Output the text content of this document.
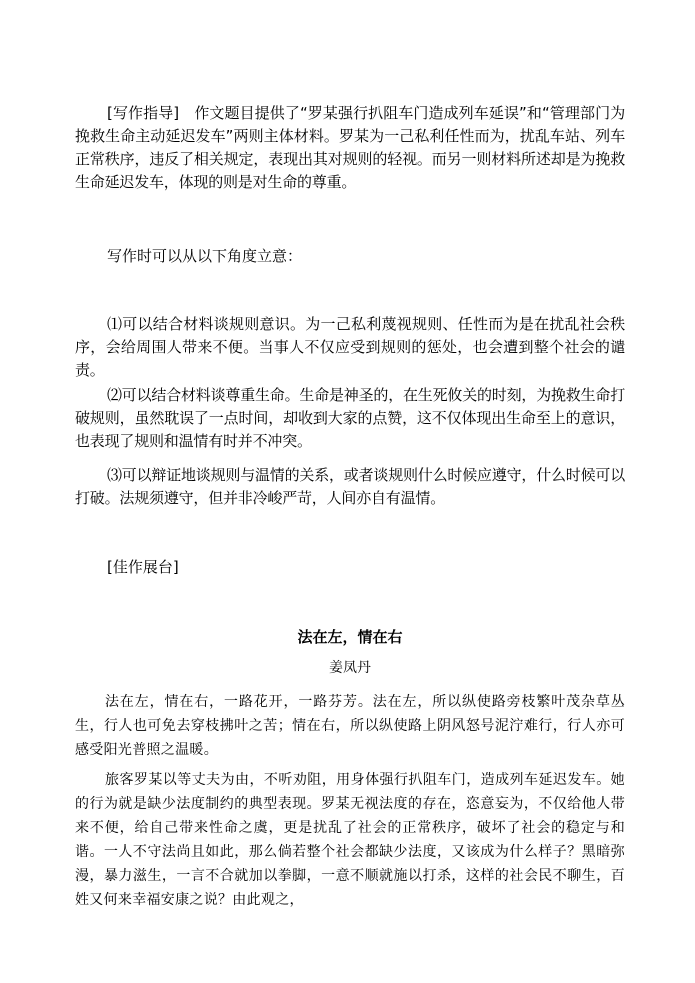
[写作指导]　作文题目提供了“罗某强行扒阻车门造成列车延误”和“管理部门为挽救生命主动延迟发车”两则主体材料。罗某为一己私利任性而为，扰乱车站、列车正常秩序，违反了相关规定，表现出其对规则的轻视。而另一则材料所述却是为挽救生命延迟发车，体现的则是对生命的尊重。

写作时可以从以下角度立意：

⑴可以结合材料谈规则意识。为一己私利蔑视规则、任性而为是在扰乱社会秩序，会给周围人带来不便。当事人不仅应受到规则的惩处，也会遭到整个社会的谴责。

⑵可以结合材料谈尊重生命。生命是神圣的，在生死攸关的时刻，为挽救生命打破规则，虽然耽误了一点时间，却收到大家的点赞，这不仅体现出生命至上的意识，也表现了规则和温情有时并不冲突。

⑶可以辩证地谈规则与温情的关系，或者谈规则什么时候应遵守，什么时候可以打破。法规须遵守，但并非冷峻严苛，人间亦自有温情。

[佳作展台]

法在左，情在右

姜凤丹

法在左，情在右，一路花开，一路芬芳。法在左，所以纵使路旁枝繁叶茂杂草丛生，行人也可免去穿枝拂叶之苦；情在右，所以纵使路上阴风怒号泥泞难行，行人亦可感受阳光普照之温暖。

旅客罗某以等丈夫为由，不听劝阻，用身体强行扒阻车门，造成列车延迟发车。她的行为就是缺少法度制约的典型表现。罗某无视法度的存在，恣意妄为，不仅给他人带来不便，给自己带来性命之虞，更是扰乱了社会的正常秩序，破坏了社会的稳定与和谐。一人不守法尚且如此，那么倘若整个社会都缺少法度，又该成为什么样子？黑暗弥漫，暴力滋生，一言不合就加以拳脚，一意不顺就施以打杀，这样的社会民不聊生，百姓又何来幸福安康之说？由此观之，
